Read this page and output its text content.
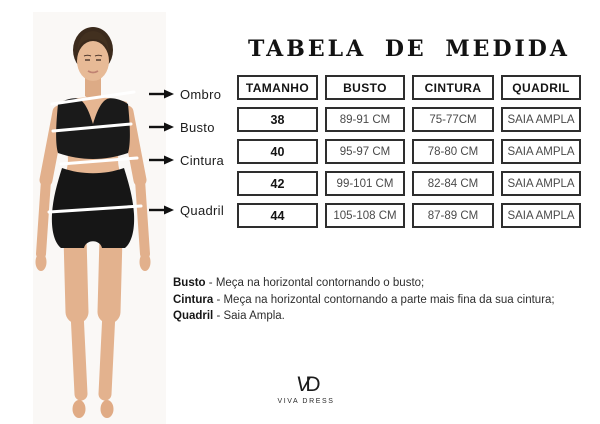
Ombro
Busto
Cintura
Quadril
TABELA DE MEDIDA
TAMANHO	BUSTO	CINTURA	QUADRIL
38	89-91 CM	75-77CM	SAIA AMPLA
40	95-97 CM	78-80 CM	SAIA AMPLA
42	99-101 CM	82-84 CM	SAIA AMPLA
44	105-108 CM	87-89 CM	SAIA AMPLA
Busto - Meça na horizontal contornando o busto;
Cintura - Meça na horizontal contornando a parte mais fina da sua cintura;
Quadril - Saia Ampla.
VD
VIVA DRESS
